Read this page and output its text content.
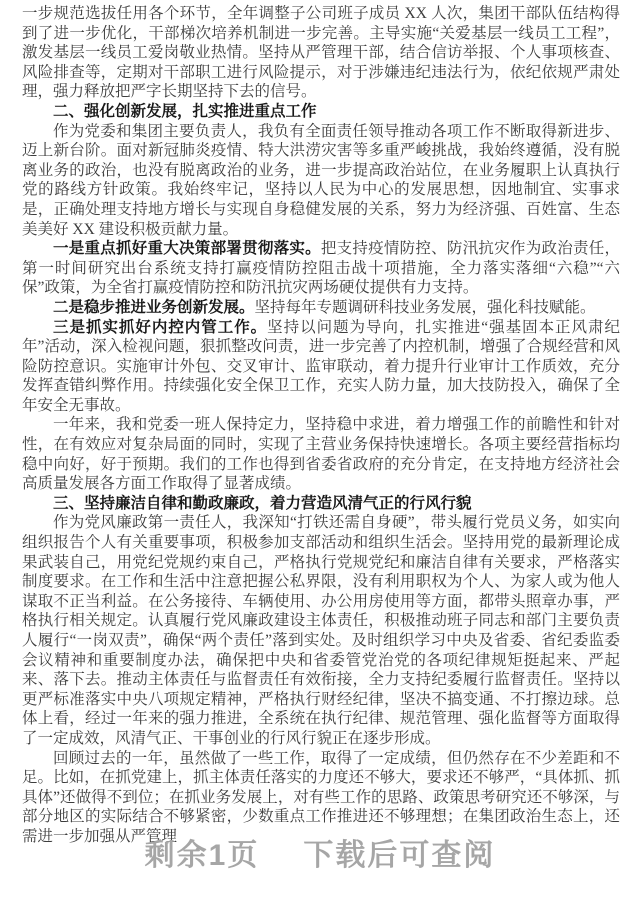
一步规范选拔任用各个环节，全年调整子公司班子成员 XX 人次，集团干部队伍结构得到了进一步优化，干部梯次培养机制进一步完善。主导实施“关爱基层一线员工工程”，激发基层一线员工爱岗敬业热情。坚持从严管理干部，结合信访举报、个人事项核查、风险排查等，定期对干部职工进行风险提示，对于涉嫌违纪违法行为，依纪依规严肃处理，强力释放把严字长期坚持下去的信号。

二、强化创新发展，扎实推进重点工作

作为党委和集团主要负责人，我负有全面责任领导推动各项工作不断取得新进步、迈上新台阶。面对新冠肺炎疫情、特大洪涝灾害等多重严峻挑战，我始终遵循，没有脱离业务的政治，也没有脱离政治的业务，进一步提高政治站位，在业务履职上认真执行党的路线方针政策。我始终牢记，坚持以人民为中心的发展思想，因地制宜、实事求是，正确处理支持地方增长与实现自身稳健发展的关系，努力为经济强、百姓富、生态美美好 XX 建设积极贡献力量。

一是重点抓好重大决策部署贯彻落实。把支持疫情防控、防汛抗灾作为政治责任，第一时间研究出台系统支持打赢疫情防控阻击战十项措施，全力落实落细“六稳”“六保”政策，为全省打赢疫情防控和防汛抗灾两场硬仗提供有力支持。

二是稳步推进业务创新发展。坚持每年专题调研科技业务发展，强化科技赋能。

三是抓实抓好内控内管工作。坚持以问题为导向，扎实推进“强基固本正风肃纪年”活动，深入检视问题，狠抓整改问责，进一步完善了内控机制，增强了合规经营和风险防控意识。实施审计外包、交叉审计、监审联动，着力提升行业审计工作质效，充分发挥查错纠弊作用。持续强化安全保卫工作，充实人防力量，加大技防投入，确保了全年安全无事故。

一年来，我和党委一班人保持定力，坚持稳中求进，着力增强工作的前瞻性和针对性，在有效应对复杂局面的同时，实现了主营业务保持快速增长。各项主要经营指标均稳中向好，好于预期。我们的工作也得到省委省政府的充分肯定，在支持地方经济社会高质量发展各方面工作取得了显著成绩。

三、坚持廉洁自律和勤政廉政，着力营造风清气正的行风行貌

作为党风廉政第一责任人，我深知“打铁还需自身硬”，带头履行党员义务，如实向组织报告个人有关重要事项，积极参加支部活动和组织生活会。坚持用党的最新理论成果武装自己，用党纪党规约束自己，严格执行党规党纪和廉洁自律有关要求，严格落实制度要求。在工作和生活中注意把握公私界限，没有利用职权为个人、为家人或为他人谋取不正当利益。在公务接待、车辆使用、办公用房使用等方面，都带头照章办事，严格执行相关规定。认真履行党风廉政建设主体责任，积极推动班子同志和部门主要负责人履行“一岗双责”，确保“两个责任”落到实处。及时组织学习中央及省委、省纪委监委会议精神和重要制度办法，确保把中央和省委管党治党的各项纪律规矩挺起来、严起来、落下去。推动主体责任与监督责任有效衔接，全力支持纪委履行监督责任。坚持以更严标准落实中央八项规定精神，严格执行财经纪律，坚决不搞变通、不打擦边球。总体上看，经过一年来的强力推进，全系统在执行纪律、规范管理、强化监督等方面取得了一定成效，风清气正、干事创业的行风行貌正在逐步形成。

回顾过去的一年，虽然做了一些工作，取得了一定成绩，但仍然存在不少差距和不足。比如，在抓党建上，抓主体责任落实的力度还不够大，要求还不够严，“具体抓、抓具体”还做得不到位；在抓业务发展上，对有些工作的思路、政策思考研究还不够深，与部分地区的实际结合不够紧密，少数重点工作推进还不够理想；在集团政治生态上，还需进一步加强从严管理

剩余1页 下载后可查阅
